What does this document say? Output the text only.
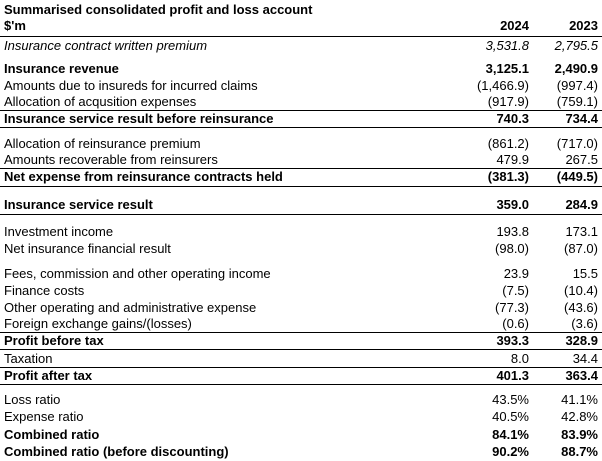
Summarised consolidated profit and loss account
$'m	2024	2023
Insurance contract written premium	3,531.8 2,795.5
Insurance revenue	3,125.1 2,490.9
Amounts due to insureds for incurred claims	(1,466.9) (997.4)
Allocation of acqusition expenses	(917.9) (759.1)
Insurance service result before reinsurance	740.3	734.4
Allocation of reinsurance premium	(861.2) (717.0)
Amounts recoverable from reinsurers	479.9	267.5
Net expense from reinsurance contracts held	(381.3) (449.5)
Insurance service result	359.0	284.9
Investment income	193.8	173.1
Net insurance financial result	(98.0)	(87.0)
Fees, commission and other operating income	23.9	15.5
Finance costs	(7.5)	(10.4)
Other operating and administrative expense	(77.3)	(43.6)
Foreign exchange gains/(losses)	(0.6)	(3.6)
Profit before tax	393.3	328.9
Taxation	8.0	34.4
Profit after tax	401.3	363.4
Loss ratio	43.5% 41.1%
Expense ratio	40.5% 42.8%
Combined ratio	84.1% 83.9%
Combined ratio (before discounting)	90.2% 88.7%
